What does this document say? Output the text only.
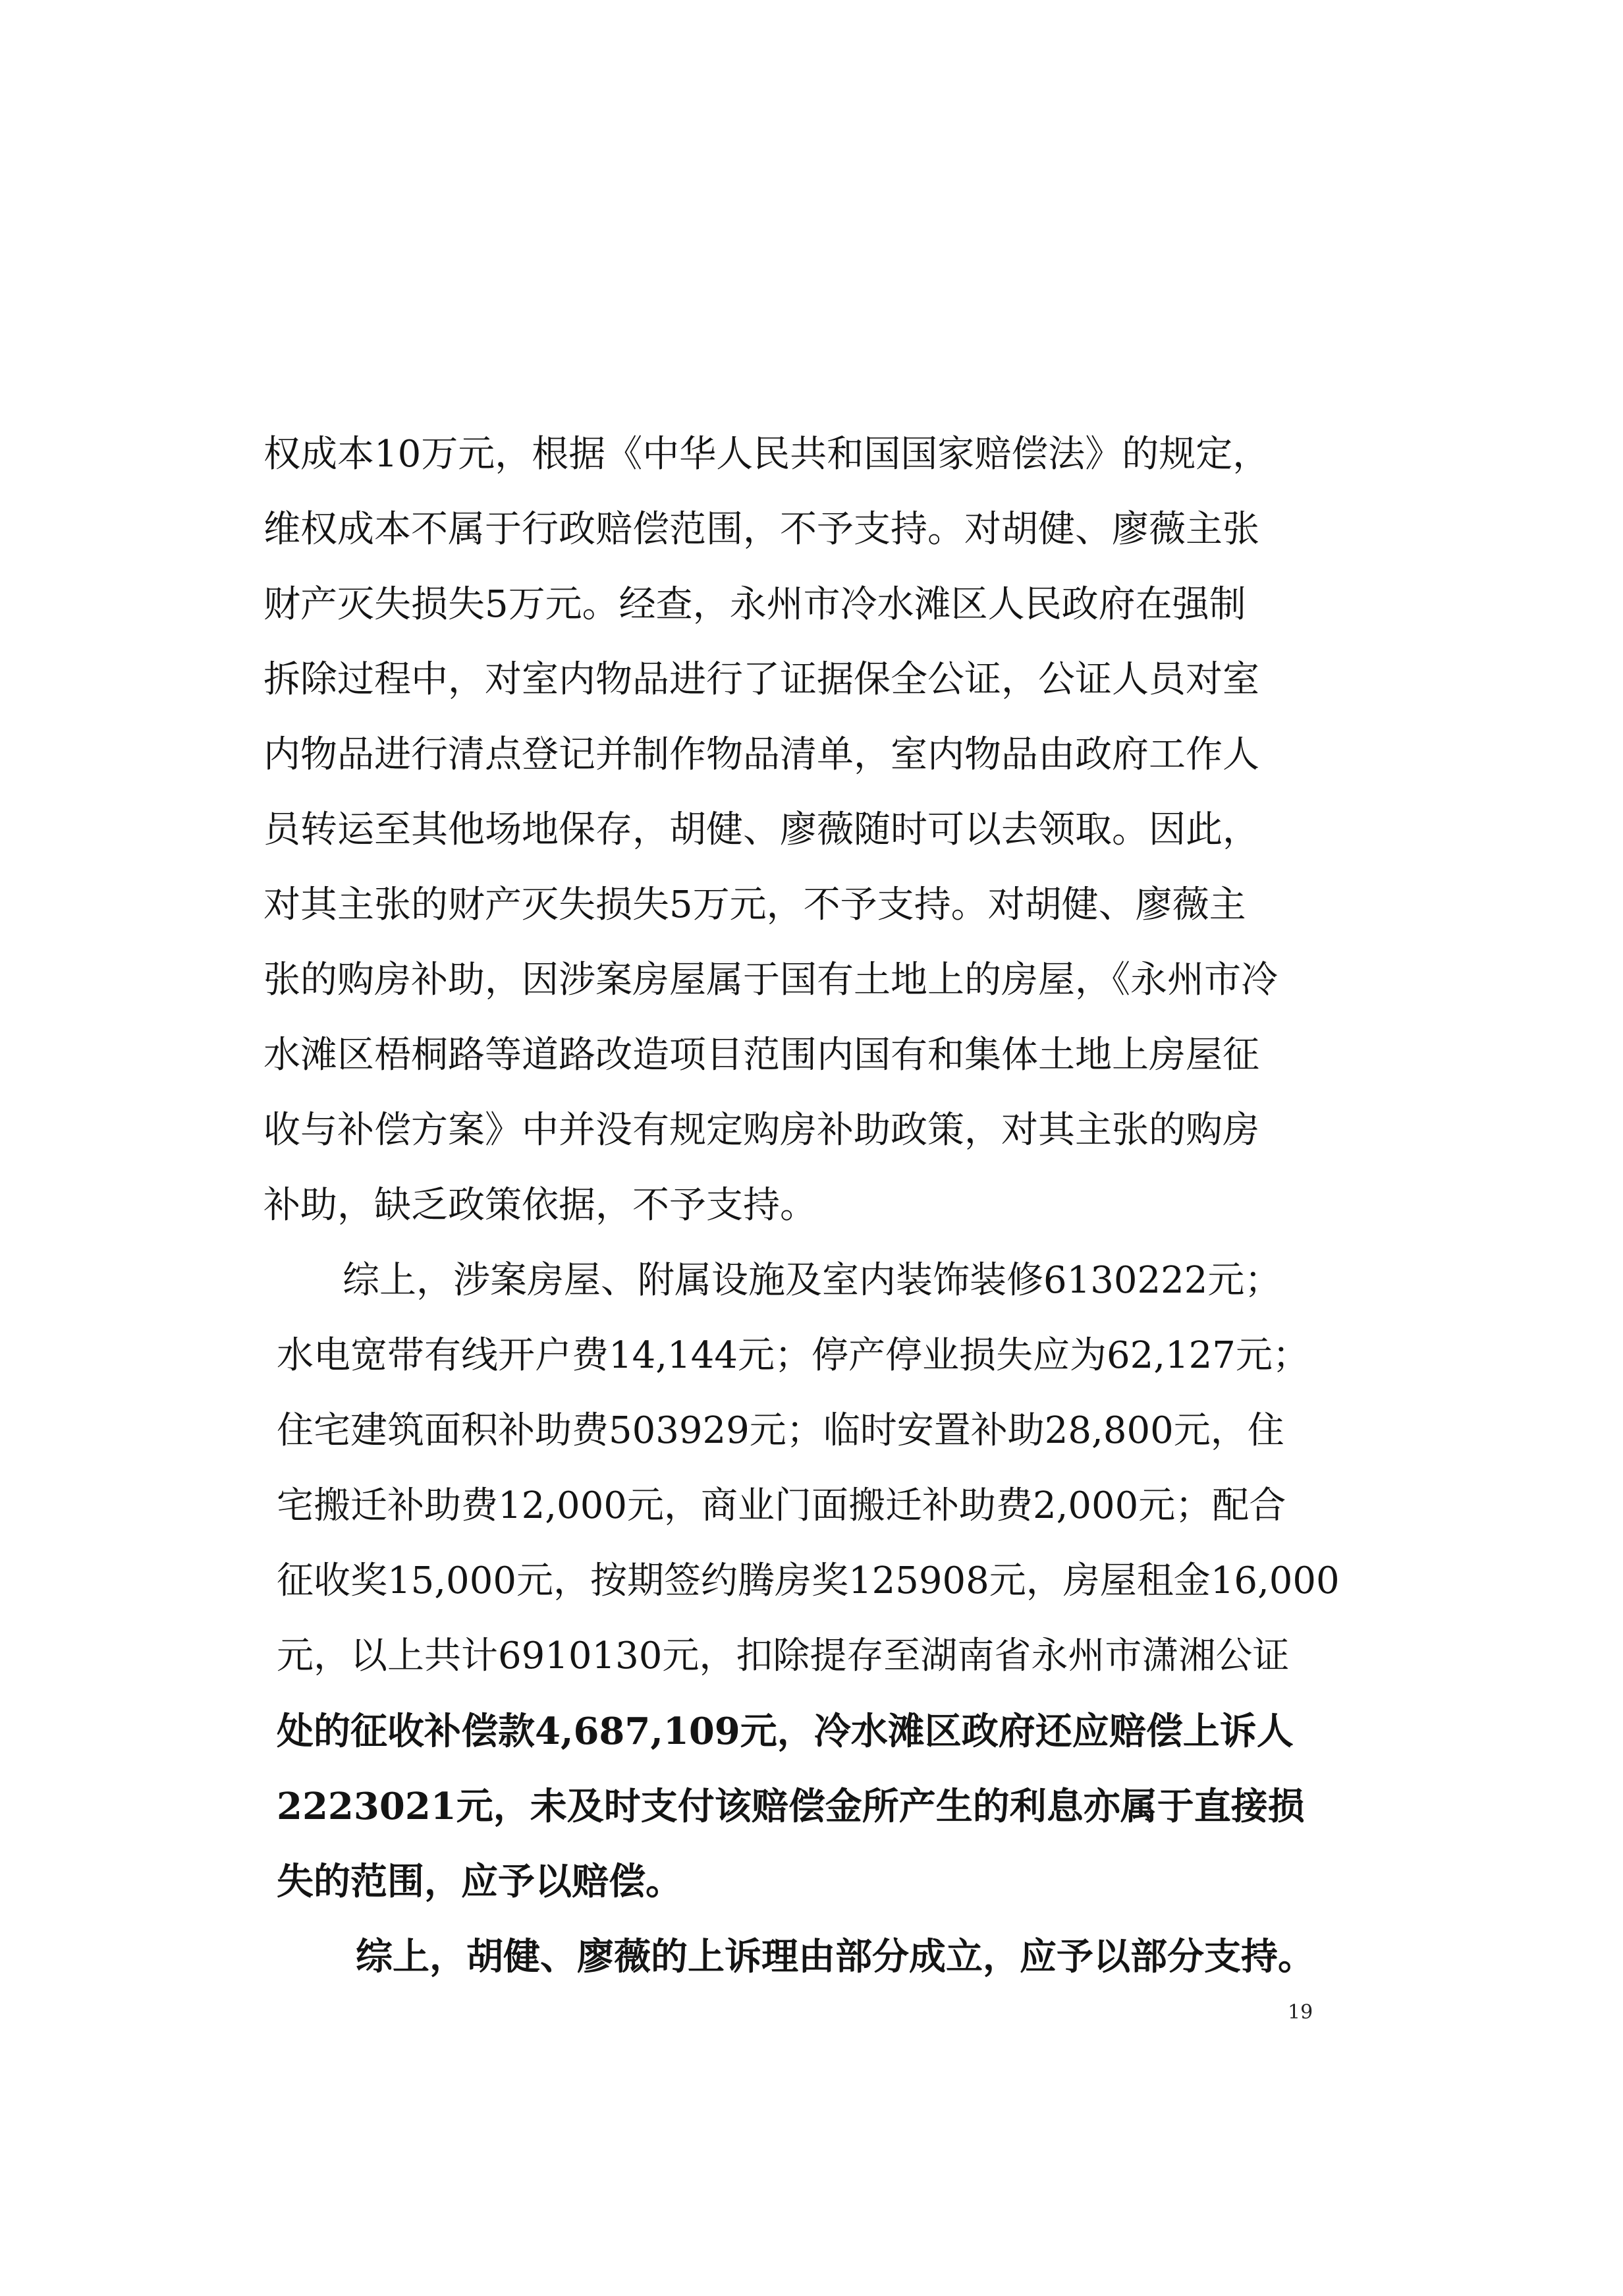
权成本10万元，根据《中华人民共和国国家赔偿法》的规定，
维权成本不属于行政赔偿范围，不予支持。对胡健、廖薇主张
财产灭失损失5万元。经查，永州市冷水滩区人民政府在强制
拆除过程中，对室内物品进行了证据保全公证，公证人员对室
内物品进行清点登记并制作物品清单，室内物品由政府工作人
员转运至其他场地保存，胡健、廖薇随时可以去领取。因此，
对其主张的财产灭失损失5万元，不予支持。对胡健、廖薇主
张的购房补助，因涉案房屋属于国有土地上的房屋，《永州市冷
水滩区梧桐路等道路改造项目范围内国有和集体土地上房屋征
收与补偿方案》中并没有规定购房补助政策，对其主张的购房
补助，缺乏政策依据，不予支持。
综上，涉案房屋、附属设施及室内装饰装修6130222元；
水电宽带有线开户费14,144元；停产停业损失应为62,127元；
住宅建筑面积补助费503929元；临时安置补助28,800元，住
宅搬迁补助费12,000元，商业门面搬迁补助费2,000元；配合
征收奖15,000元，按期签约腾房奖125908元，房屋租金16,000
元，以上共计6910130元，扣除提存至湖南省永州市潇湘公证
处的征收补偿款4,687,109元，冷水滩区政府还应赔偿上诉人
2223021元，未及时支付该赔偿金所产生的利息亦属于直接损
失的范围，应予以赔偿。
综上，胡健、廖薇的上诉理由部分成立，应予以部分支持。
19
